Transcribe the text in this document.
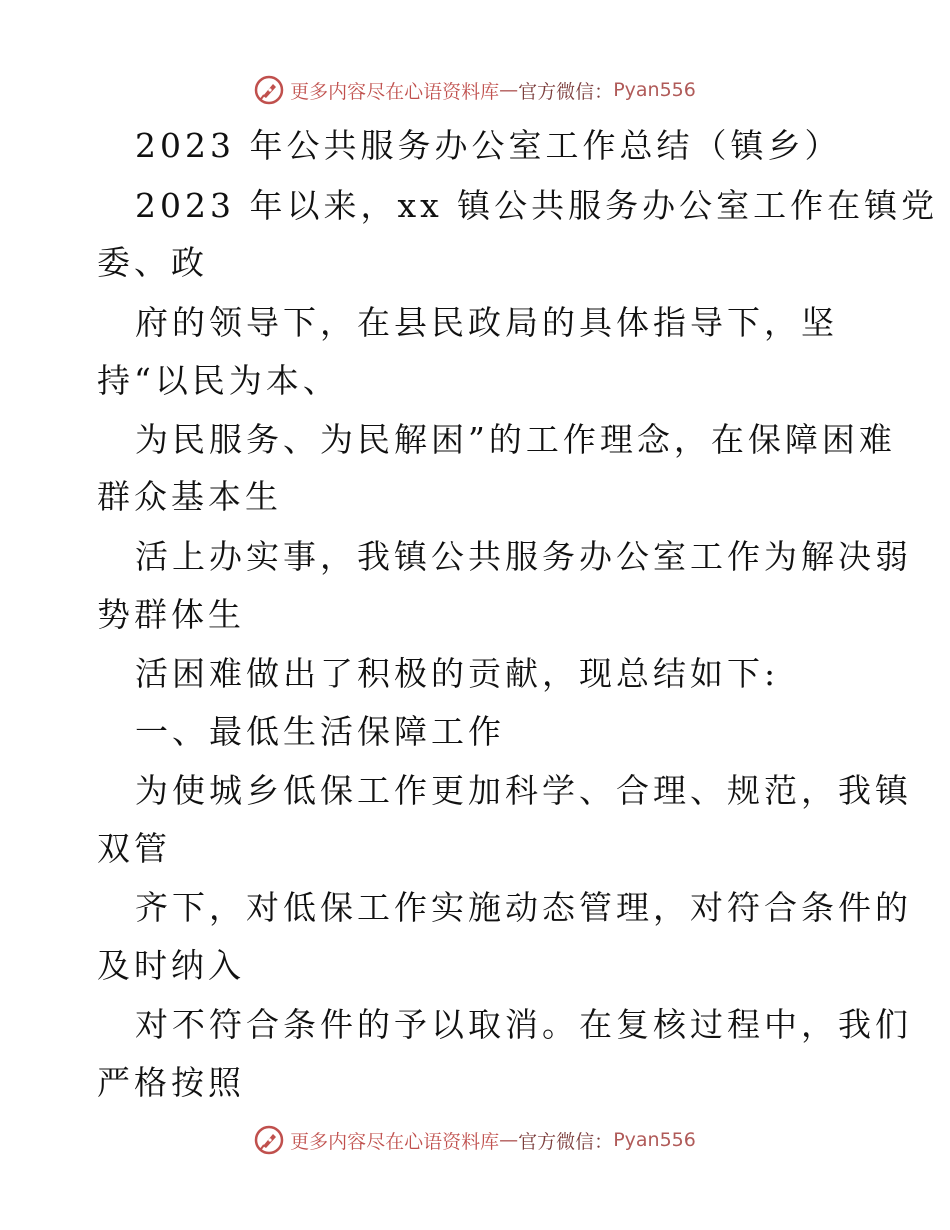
更多内容尽在心语资料库 — 官方微信： Pyan556
2023 年公共服务办公室工作总结（镇乡）
2023 年以来，xx 镇公共服务办公室工作在镇党
委、政
府的领导下，在县民政局的具体指导下，坚
持“以民为本、
为民服务、为民解困”的工作理念，在保障困难
群众基本生
活上办实事，我镇公共服务办公室工作为解决弱
势群体生
活困难做出了积极的贡献，现总结如下:
一、最低生活保障工作
为使城乡低保工作更加科学、合理、规范，我镇
双管
齐下，对低保工作实施动态管理，对符合条件的
及时纳入
对不符合条件的予以取消。在复核过程中，我们
严格按照
更多内容尽在心语资料库 — 官方微信： Pyan556
